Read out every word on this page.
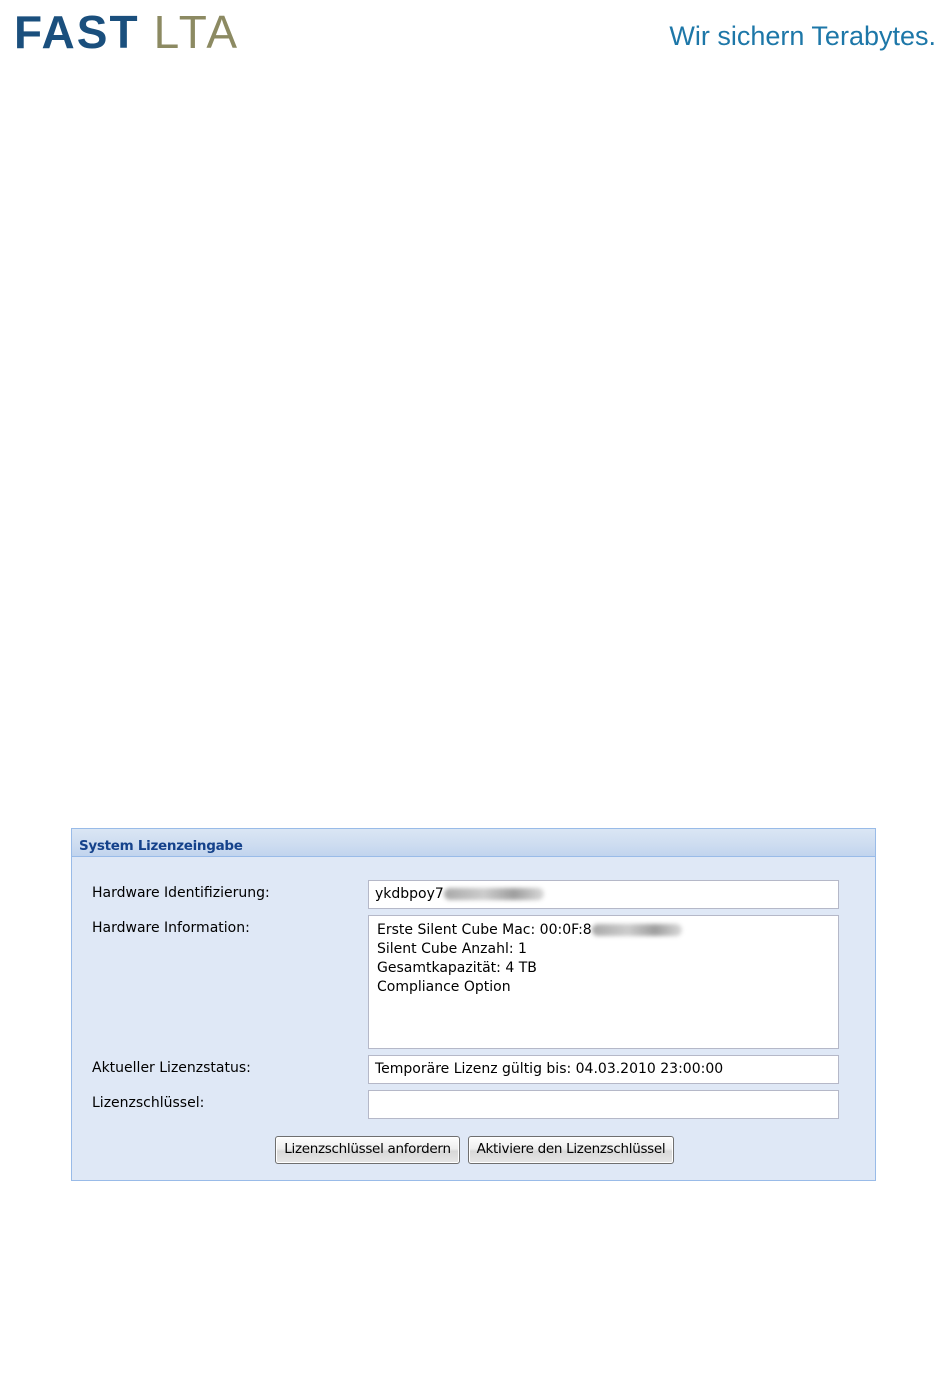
FAST LTA	Wir sichern Terabytes.
System Lizenzeingabe
Hardware Identifizierung:	ykdbpoy7
Hardware Information:	Erste Silent Cube Mac: 00:0F:8
Silent Cube Anzahl: 1
Gesamtkapazität: 4 TB
Compliance Option
Aktueller Lizenzstatus:	Temporäre Lizenz gültig bis: 04.03.2010 23:00:00
Lizenzschlüssel:
Lizenzschlüssel anfordern	Aktiviere den Lizenzschlüssel
